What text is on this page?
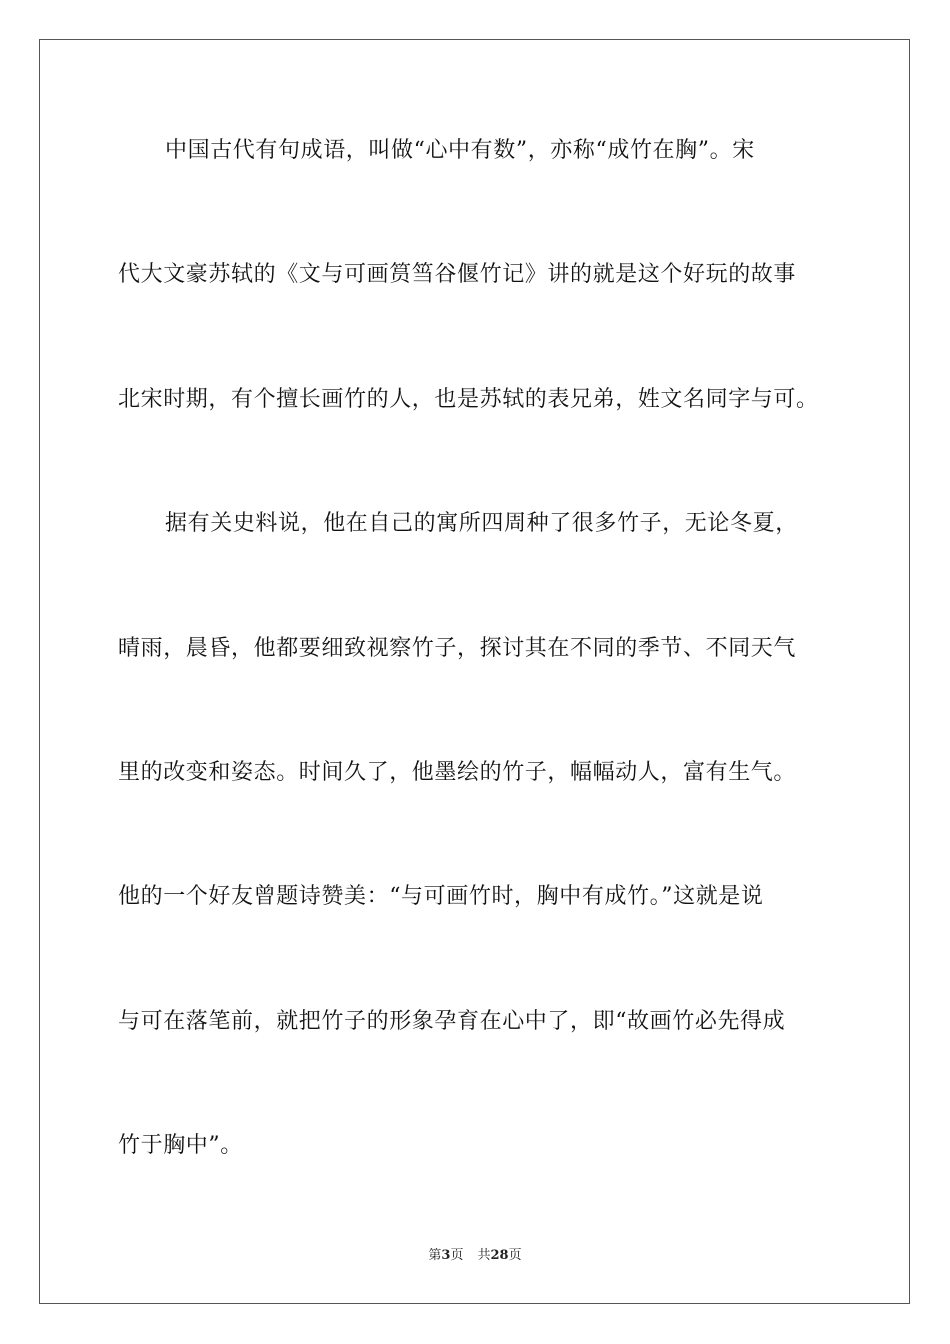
中国古代有句成语，叫做“心中有数”，亦称“成竹在胸”。宋
代大文豪苏轼的《文与可画筼筜谷偃竹记》讲的就是这个好玩的故事
北宋时期，有个擅长画竹的人，也是苏轼的表兄弟，姓文名同字与可。
据有关史料说，他在自己的寓所四周种了很多竹子，无论冬夏，
晴雨，晨昏，他都要细致视察竹子，探讨其在不同的季节、不同天气
里的改变和姿态。时间久了，他墨绘的竹子，幅幅动人，富有生气。
他的一个好友曾题诗赞美：“与可画竹时，胸中有成竹。”这就是说
与可在落笔前，就把竹子的形象孕育在心中了，即“故画竹必先得成
竹于胸中”。
第3页 共28页
